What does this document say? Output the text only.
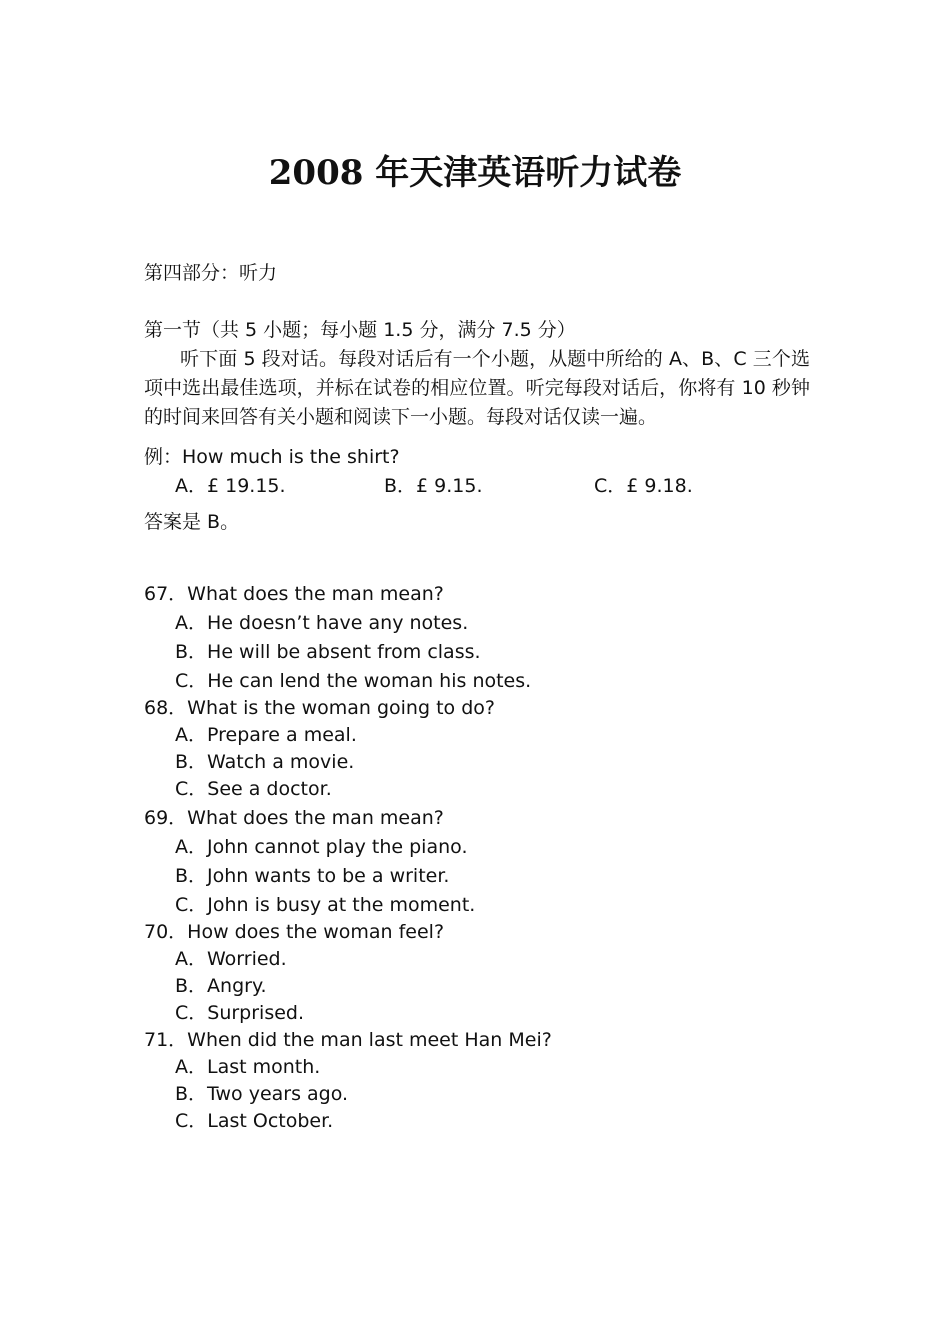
2008 年天津英语听力试卷
第四部分：听力
第一节（共 5 小题；每小题 1.5 分，满分 7.5 分）

听下面 5 段对话。每段对话后有一个小题，从题中所给的 A、B、C 三个选项中选出最佳选项，并标在试卷的相应位置。听完每段对话后，你将有 10 秒钟的时间来回答有关小题和阅读下一小题。每段对话仅读一遍。

例：How much is the shirt?
A．£ 19.15.	B．£ 9.15.	C．£ 9.18.
答案是 B。
67．What does the man mean?
A．He doesn’t have any notes.
B．He will be absent from class.
C．He can lend the woman his notes.
68．What is the woman going to do?
A．Prepare a meal.
B．Watch a movie.
C．See a doctor.
69．What does the man mean?
A．John cannot play the piano.
B．John wants to be a writer.
C．John is busy at the moment.
70．How does the woman feel?
A．Worried.
B．Angry.
C．Surprised.
71．When did the man last meet Han Mei?
A．Last month.
B．Two years ago.
C．Last October.
